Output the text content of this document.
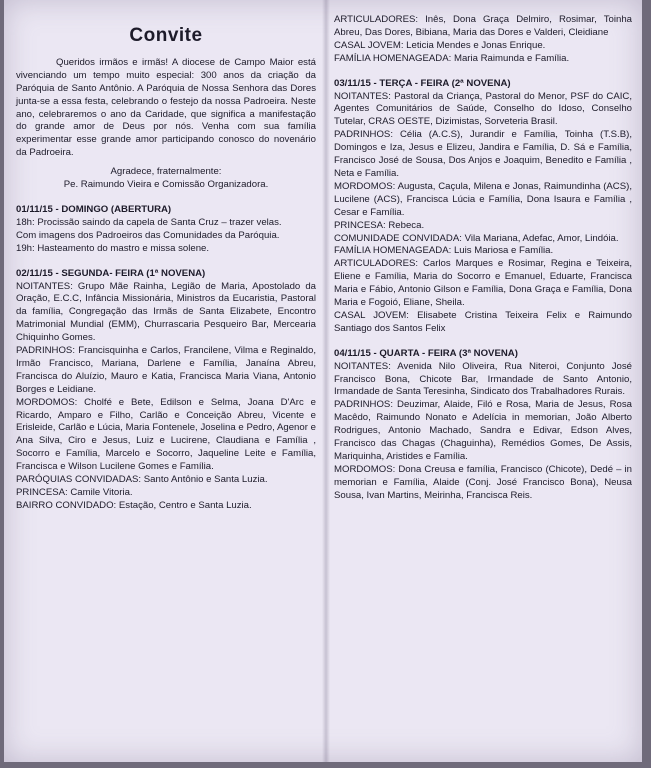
Convite

Queridos irmãos e irmãs! A diocese de Campo Maior está vivenciando um tempo muito especial: 300 anos da criação da Paróquia de Santo Antônio. A Paróquia de Nossa Senhora das Dores junta-se a essa festa, celebrando o festejo da nossa Padroeira. Neste ano, celebraremos o ano da Caridade, que significa a manifestação do grande amor de Deus por nós. Venha com sua família experimentar esse grande amor participando conosco do novenário da Padroeira.

Agradece, fraternalmente:

Pe. Raimundo Vieira e Comissão Organizadora.

01/11/15 - DOMINGO (ABERTURA)

18h: Procissão saindo da capela de Santa Cruz – trazer velas.

Com imagens dos Padroeiros das Comunidades da Paróquia.

19h: Hasteamento do mastro e missa solene.

02/11/15 - SEGUNDA- FEIRA (1ª NOVENA)

NOITANTES: Grupo Mãe Rainha, Legião de Maria, Apostolado da Oração, E.C.C, Infância Missionária, Ministros da Eucaristia, Pastoral da família, Congregação das Irmãs de Santa Elizabete, Encontro Matrimonial Mundial (EMM), Churrascaria Pesqueiro Bar, Mercearia Chiquinho Gomes.

PADRINHOS: Francisquinha e Carlos, Francilene, Vilma e Reginaldo, Irmão Francisco, Mariana, Darlene e Família, Janaína Abreu, Francisca do Aluízio, Mauro e Katia, Francisca Maria Viana, Antonio Borges e Leidiane.

MORDOMOS: Cholfé e Bete, Edilson e Selma, Joana D'Arc e Ricardo, Amparo e Filho, Carlão e Conceição Abreu, Vicente e Erisleide, Carlão e Lúcia, Maria Fontenele, Joselina e Pedro, Agenor e Ana Silva, Ciro e Jesus, Luiz e Lucirene, Claudiana e Família , Socorro e Família, Marcelo e Socorro, Jaqueline Leite e Família, Francisca e Wilson Lucilene Gomes e Família.

PARÓQUIAS CONVIDADAS: Santo Antônio e Santa Luzia.

PRINCESA: Camile Vitoria.

BAIRRO CONVIDADO: Estação, Centro e Santa Luzia.

ARTICULADORES: Inês, Dona Graça Delmiro, Rosimar, Toinha Abreu, Das Dores, Bibiana, Maria das Dores e Valderi, Cleidiane

CASAL JOVEM: Leticia Mendes e Jonas Enrique.

FAMÍLIA HOMENAGEADA: Maria Raimunda e Família.

03/11/15 - TERÇA - FEIRA (2ª NOVENA)

NOITANTES: Pastoral da Criança, Pastoral do Menor, PSF do CAIC, Agentes Comunitários de Saúde, Conselho do Idoso, Conselho Tutelar, CRAS OESTE, Dizimistas, Sorveteria Brasil.

PADRINHOS: Célia (A.C.S), Jurandir e Família, Toinha (T.S.B), Domingos e Iza, Jesus e Elizeu, Jandira e Família, D. Sá e Família, Francisco José de Sousa, Dos Anjos e Joaquim, Benedito e Família , Neta e Família.

MORDOMOS: Augusta, Caçula, Milena e Jonas, Raimundinha (ACS), Lucilene (ACS), Francisca Lúcia e Família, Dona Isaura e Família , Cesar e Família.

PRINCESA: Rebeca.

COMUNIDADE CONVIDADA: Vila Mariana, Adefac, Amor, Lindóia.

FAMÍLIA HOMENAGEADA: Luis Mariosa e Família.

ARTICULADORES: Carlos Marques e Rosimar, Regina e Teixeira, Eliene e Família, Maria do Socorro e Emanuel, Eduarte, Francisca Maria e Fábio, Antonio Gilson e Família, Dona Graça e Família, Dona Maria e Fogoió, Eliane, Sheila.

CASAL JOVEM: Elisabete Cristina Teixeira Felix e Raimundo Santiago dos Santos Felix

04/11/15 - QUARTA - FEIRA (3ª NOVENA)

NOITANTES: Avenida Nilo Oliveira, Rua Niteroi, Conjunto José Francisco Bona, Chicote Bar, Irmandade de Santo Antonio, Irmandade de Santa Teresinha, Sindicato dos Trabalhadores Rurais.

PADRINHOS: Deuzimar, Alaide, Filó e Rosa, Maria de Jesus, Rosa Macêdo, Raimundo Nonato e Adelícia in memorian, João Alberto Rodrigues, Antonio Machado, Sandra e Edivar, Edson Alves, Francisco das Chagas (Chaguinha), Remédios Gomes, De Assis, Mariquinha, Aristides e Família.

MORDOMOS: Dona Creusa e família, Francisco (Chicote), Dedé – in memorian e Família, Alaide (Conj. José Francisco Bona), Neusa Sousa, Ivan Martins, Meirinha, Francisca Reis.
